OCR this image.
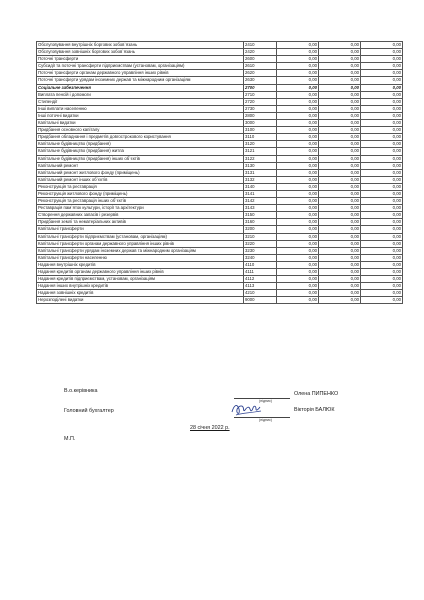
Обслуговування внутрішніх боргових зобов`язань	2410	0,00	0,00	0,00
Обслуговування зовнішніх боргових зобов`язань	2420	0,00	0,00	0,00
Поточні трансферти	2600	0,00	0,00	0,00
Субсидії та поточні трансферти підприємствам (установам, організаціям)	2610	0,00	0,00	0,00
Поточні трансферти органам державного управління інших рівнів	2620	0,00	0,00	0,00
Поточні трансферти урядам іноземних держав та міжнародним організаціям	2630	0,00	0,00	0,00
Соціальне забезпечення	2700	0,00	0,00	0,00
Виплата пенсій і допомоги	2710	0,00	0,00	0,00
Стипендії	2720	0,00	0,00	0,00
Інші виплати населенню	2730	0,00	0,00	0,00
Інші поточні видатки	2800	0,00	0,00	0,00
Капітальні видатки	3000	0,00	0,00	0,00
Придбання основного капіталу	3100	0,00	0,00	0,00
Придбання обладнання і предметів довгострокового користування	3110	0,00	0,00	0,00
Капітальне будівництво (придбання)	3120	0,00	0,00	0,00
Капітальне будівництво (придбання) житла	3121	0,00	0,00	0,00
Капітальне будівництво (придбання) інших об`єктів	3122	0,00	0,00	0,00
Капітальний ремонт	3130	0,00	0,00	0,00
Капітальний ремонт житлового фонду (приміщень)	3131	0,00	0,00	0,00
Капітальний ремонт інших об`єктів	3132	0,00	0,00	0,00
Реконструкція та реставрація	3140	0,00	0,00	0,00
Реконструкція житлового фонду (приміщень)	3141	0,00	0,00	0,00
Реконструкція та реставрація інших об`єктів	3142	0,00	0,00	0,00
Реставрація пам`яток культури, історії та архітектури	3143	0,00	0,00	0,00
Створення державних запасів і резервів	3150	0,00	0,00	0,00
Придбання землі та нематеріальних активів	3160	0,00	0,00	0,00
Капітальні трансферти	3200	0,00	0,00	0,00
Капітальні трансферти підприємствам (установам, організаціям)	3210	0,00	0,00	0,00
Капітальні трансферти органам державного управління інших рівнів	3220	0,00	0,00	0,00
Капітальні трансферти урядам іноземних держав та міжнародним організаціям	3230	0,00	0,00	0,00
Капітальні трансферти населенню	3240	0,00	0,00	0,00
Надання внутрішніх кредитів	4110	0,00	0,00	0,00
Надання кредитів органам державного управління інших рівнів	4111	0,00	0,00	0,00
Надання кредитів підприємствам, установам, організаціям	4112	0,00	0,00	0,00
Надання інших внутрішніх кредитів	4113	0,00	0,00	0,00
Надання зовнішніх кредитів	4210	0,00	0,00	0,00
Нерозподілені видатки	9000	0,00	0,00	0,00
В.о.керівника
(підпис)
Олена ПИПЕНКО
Головний бухгалтер
(підпис)
Вікторія БАЛЮК
28 січня 2022 р.
М.П.
